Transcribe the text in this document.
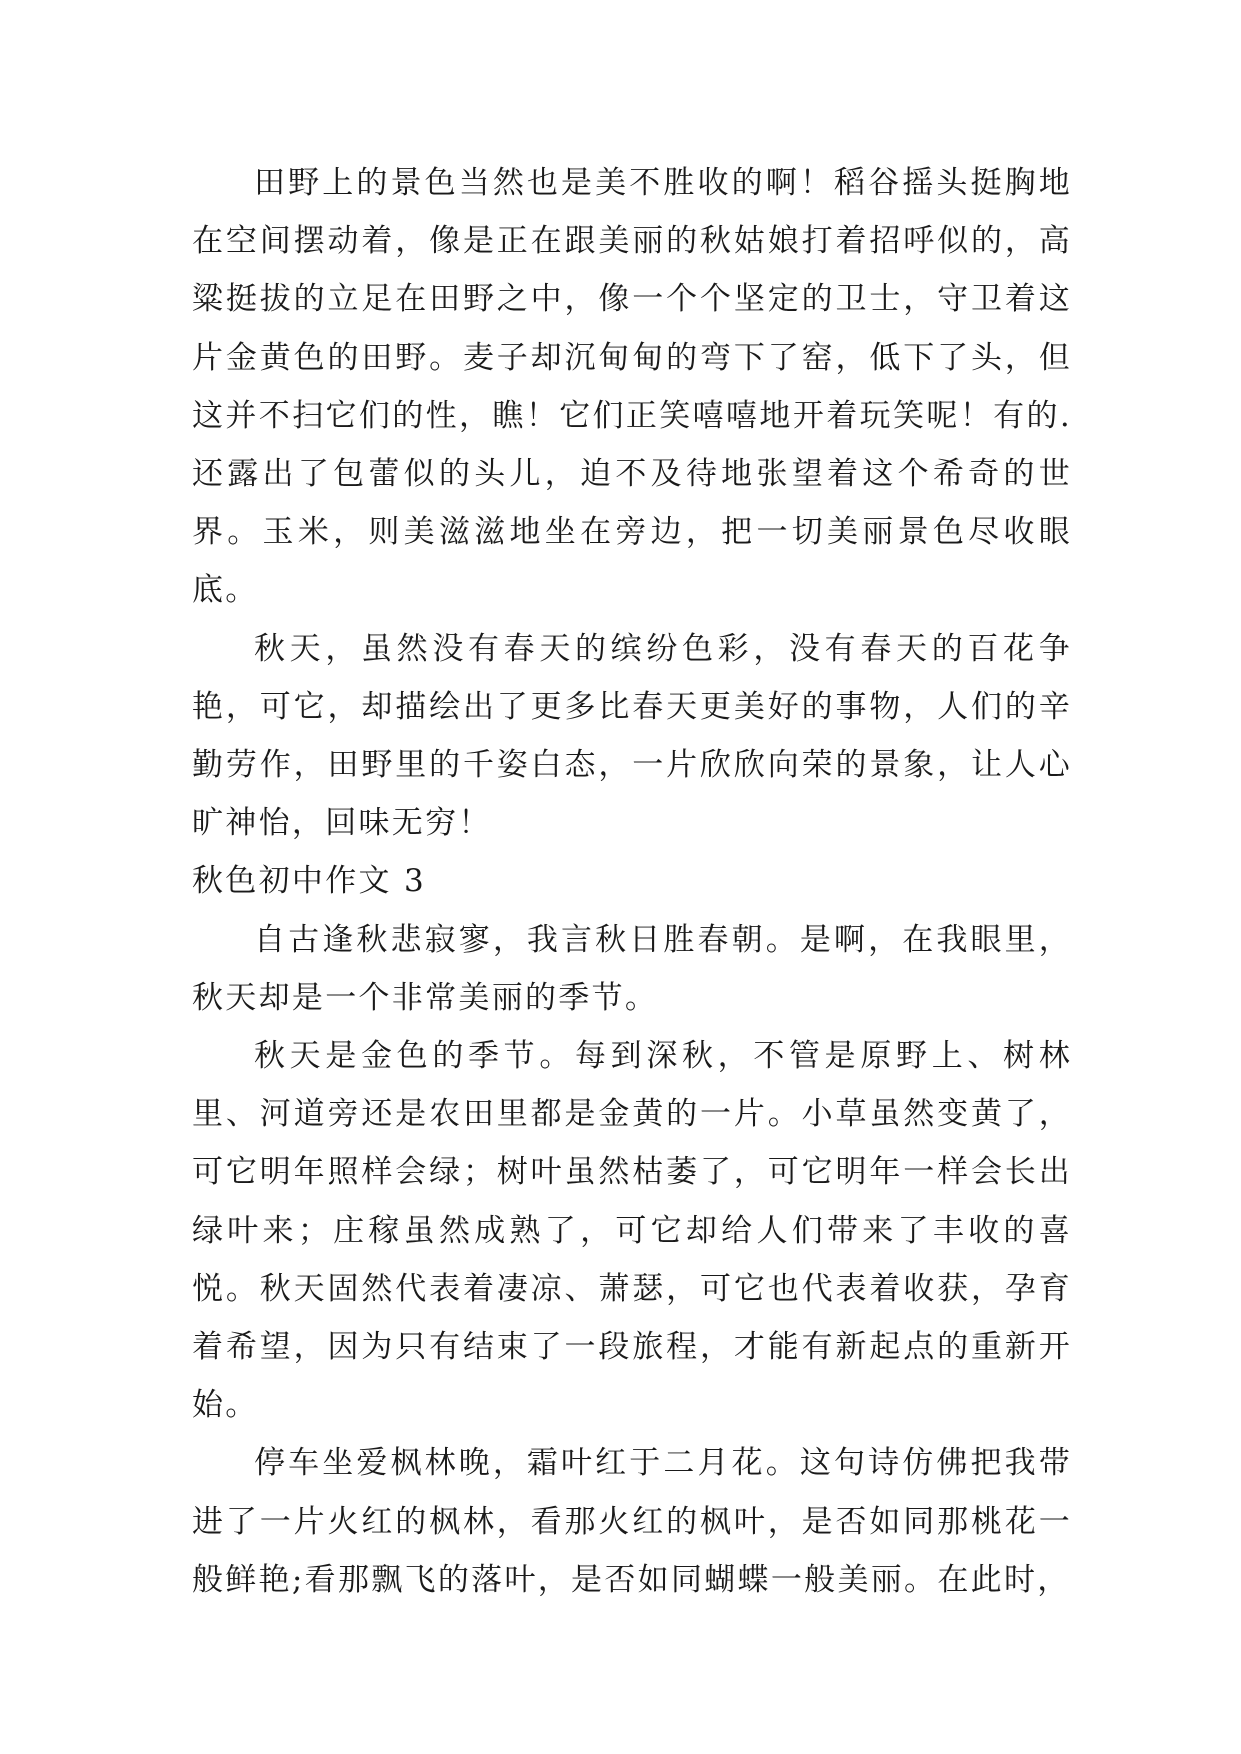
田野上的景色当然也是美不胜收的啊！稻谷摇头挺胸地在空间摆动着，像是正在跟美丽的秋姑娘打着招呼似的，高粱挺拔的立足在田野之中，像一个个坚定的卫士，守卫着这片金黄色的田野。麦子却沉甸甸的弯下了窑，低下了头，但这并不扫它们的性，瞧！它们正笑嘻嘻地开着玩笑呢！有的.还露出了包蕾似的头儿，迫不及待地张望着这个希奇的世界。玉米，则美滋滋地坐在旁边，把一切美丽景色尽收眼底。

秋天，虽然没有春天的缤纷色彩，没有春天的百花争艳，可它，却描绘出了更多比春天更美好的事物，人们的辛勤劳作，田野里的千姿白态，一片欣欣向荣的景象，让人心旷神怡，回味无穷！

秋色初中作文 3

自古逢秋悲寂寥，我言秋日胜春朝。是啊，在我眼里，秋天却是一个非常美丽的季节。

秋天是金色的季节。每到深秋，不管是原野上、树林里、河道旁还是农田里都是金黄的一片。小草虽然变黄了，可它明年照样会绿；树叶虽然枯萎了，可它明年一样会长出绿叶来；庄稼虽然成熟了，可它却给人们带来了丰收的喜悦。秋天固然代表着凄凉、萧瑟，可它也代表着收获，孕育着希望，因为只有结束了一段旅程，才能有新起点的重新开始。

停车坐爱枫林晚，霜叶红于二月花。这句诗仿佛把我带进了一片火红的枫林，看那火红的枫叶，是否如同那桃花一般鲜艳;看那飘飞的落叶，是否如同蝴蝶一般美丽。在此时，
